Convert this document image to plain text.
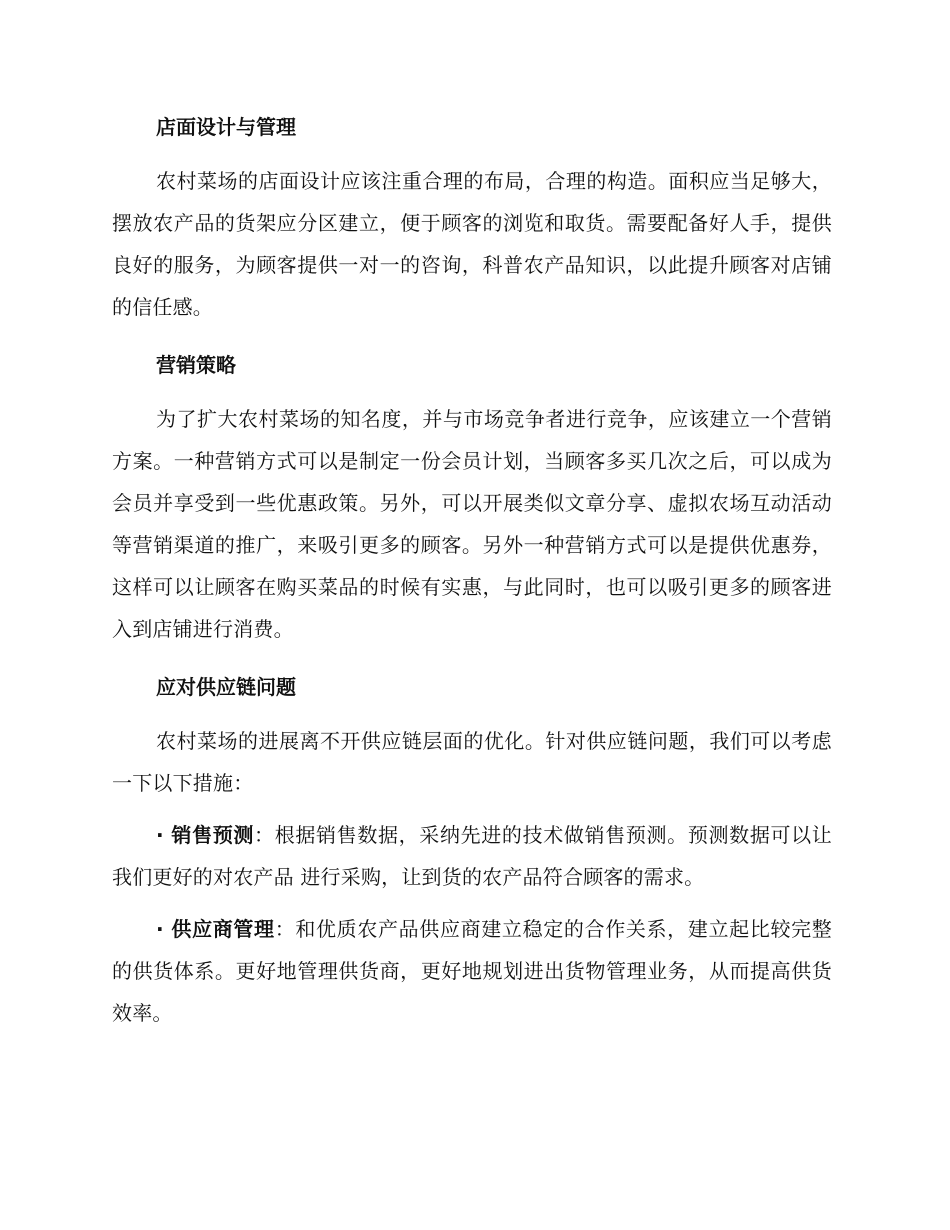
店面设计与管理

农村菜场的店面设计应该注重合理的布局，合理的构造。面积应当足够大，摆放农产品的货架应分区建立，便于顾客的浏览和取货。需要配备好人手，提供良好的服务，为顾客提供一对一的咨询，科普农产品知识，以此提升顾客对店铺的信任感。

营销策略

为了扩大农村菜场的知名度，并与市场竞争者进行竞争，应该建立一个营销方案。一种营销方式可以是制定一份会员计划，当顾客多买几次之后，可以成为会员并享受到一些优惠政策。另外，可以开展类似文章分享、虚拟农场互动活动等营销渠道的推广，来吸引更多的顾客。另外一种营销方式可以是提供优惠券，这样可以让顾客在购买菜品的时候有实惠，与此同时，也可以吸引更多的顾客进入到店铺进行消费。

应对供应链问题

农村菜场的进展离不开供应链层面的优化。针对供应链问题，我们可以考虑一下以下措施：

· 销售预测：根据销售数据，采纳先进的技术做销售预测。预测数据可以让我们更好的对农产品 进行采购，让到货的农产品符合顾客的需求。

· 供应商管理：和优质农产品供应商建立稳定的合作关系，建立起比较完整的供货体系。更好地管理供货商，更好地规划进出货物管理业务，从而提高供货效率。
